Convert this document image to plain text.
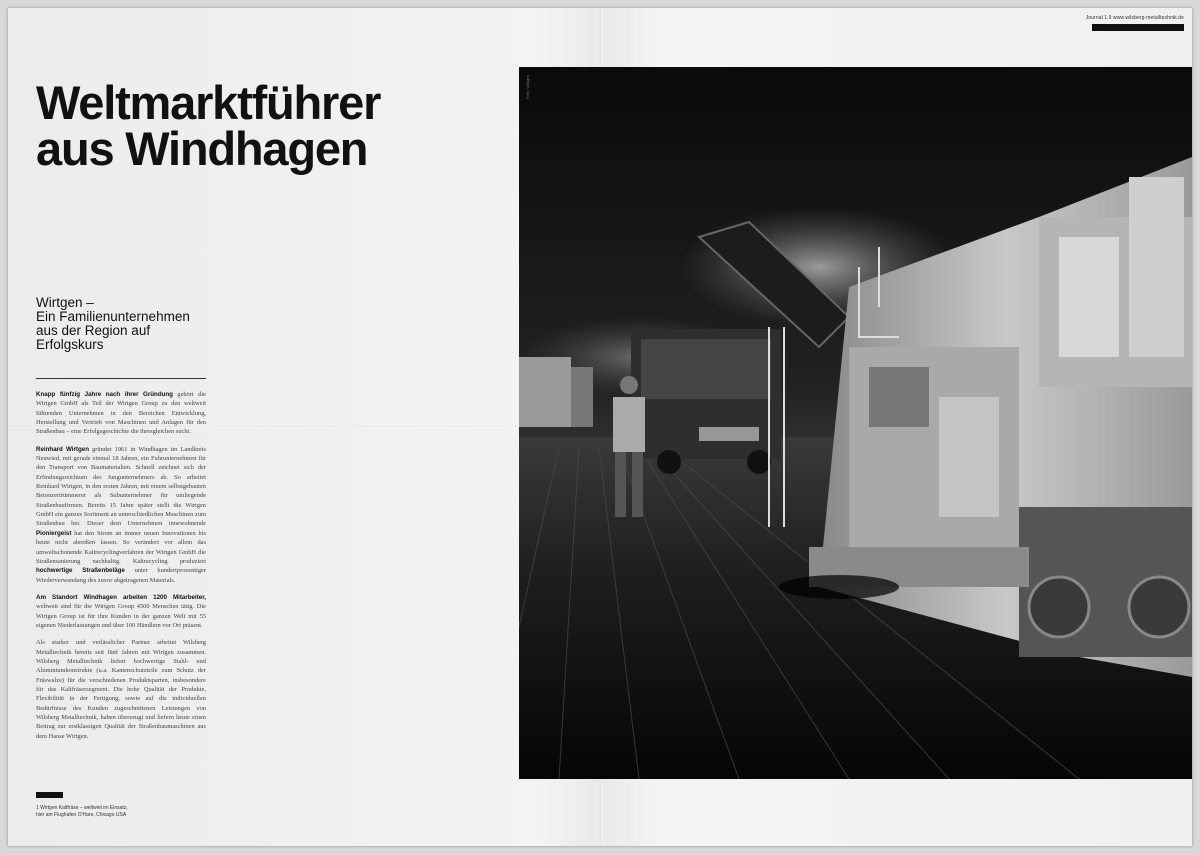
Journal 1.9 www.wilsberg-metalltechnik.de
Weltmarktführer
aus Windhagen
Wirtgen –
Ein Familienunternehmen
aus der Region auf
Erfolgskurs

Knapp fünfzig Jahre nach ihrer Gründung gehört die Wirtgen GmbH als Teil der Wirtgen Group zu den weltweit führenden Unternehmen in den Bereichen Entwicklung, Herstellung und Vertrieb von Maschinen und Anlagen für den Straßenbau – eine Erfolgsgeschichte die ihresgleichen sucht.

Reinhard Wirtgen gründet 1961 in Windhagen im Landkreis Neuwied, mit gerade einmal 18 Jahren, ein Fuhrunternehmen für den Transport von Baumaterialien. Schnell zeichnet sich der Erfindungsreichtum des Jungunternehmers ab. So arbeitet Reinhard Wirtgen, in den ersten Jahren, mit einem selbstgebauten Betonzertrümmerer als Subunternehmer für umliegende Straßenbaufirmen. Bereits 15 Jahre später stellt die Wirtgen GmbH ein ganzes Sortiment an unterschiedlichen Maschinen zum Straßenbau her. Dieser dem Unternehmen innewohnende Pioniergeist hat den Strom an immer neuen Innovationen bis heute nicht abreißen lassen. So verändert vor allem das umweltschonende Kaltrecyclingverfahren der Wirtgen GmbH die Straßensanierung nachhaltig. Kaltrecycling produziert hochwertige Straßenbeläge unter hundertprozentiger Wiederverwendung des zuvor abgetragenen Materials.

Am Standort Windhagen arbeiten 1200 Mitarbeiter, weltweit sind für die Wirtgen Group 4500 Menschen tätig. Die Wirtgen Group ist für ihre Kunden in der ganzen Welt mit 55 eigenen Niederlassungen und über 100 Händlern vor Ort präsent.

Als starker und verlässlicher Partner arbeitet Wilsberg Metalltechnik bereits seit fünf Jahren mit Wirtgen zusammen. Wilsberg Metalltechnik liefert hochwertige Stahl- und Aluminiumkonstrukte (u.a. Kantenschutzteile zum Schutz der Fräswalze) für die verschiedenen Produktsparten, insbesondere für das Kaltfräsersegment. Die hohe Qualität der Produkte, Flexibilität in der Fertigung, sowie auf die individuellen Bedürfnisse des Kunden zugeschnittenen Leistungen von Wilsberg Metalltechnik, haben überzeugt und liefern heute einen Beitrag zur erstklassigen Qualität der Straßenbaumaschinen aus dem Hause Wirtgen.

1 Wirtgen Kaltfräse – weltweit im Einsatz,
hier am Flughafen O'Hare, Chicago USA
Foto: Wirtgen
